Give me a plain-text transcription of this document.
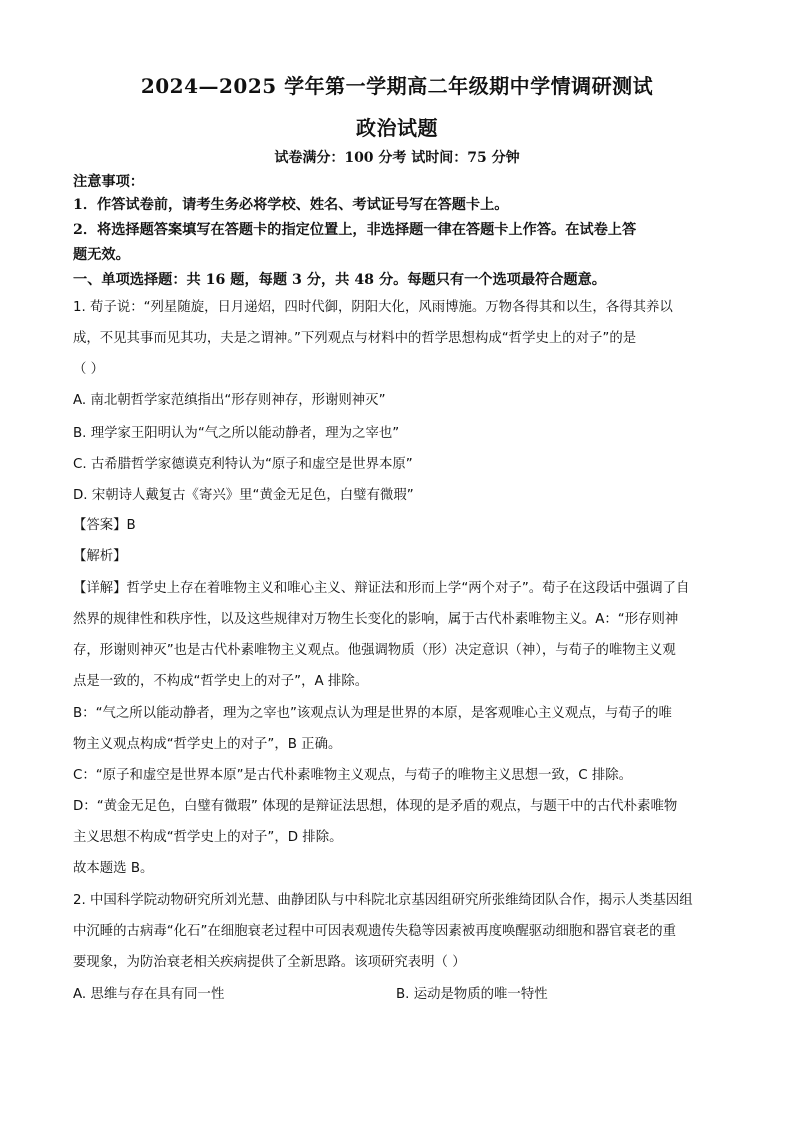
2024—2025 学年第一学期高二年级期中学情调研测试
政治试题
试卷满分：100 分考 试时间：75 分钟
注意事项：
1．作答试卷前，请考生务必将学校、姓名、考试证号写在答题卡上。
2．将选择题答案填写在答题卡的指定位置上，非选择题一律在答题卡上作答。在试卷上答
题无效。
一、单项选择题：共 16 题，每题 3 分，共 48 分。每题只有一个选项最符合题意。
1. 荀子说：“列星随旋，日月递炤，四时代御，阴阳大化，风雨博施。万物各得其和以生，各得其养以
成，不见其事而见其功，夫是之谓神。”下列观点与材料中的哲学思想构成“哲学史上的对子”的是
（ ）
A. 南北朝哲学家范缜指出“形存则神存，形谢则神灭”
B. 理学家王阳明认为“气之所以能动静者，理为之宰也”
C. 古希腊哲学家德谟克利特认为“原子和虚空是世界本原”
D. 宋朝诗人戴复古《寄兴》里“黄金无足色，白璧有微瑕”
【答案】B
【解析】
【详解】哲学史上存在着唯物主义和唯心主义、辩证法和形而上学“两个对子”。荀子在这段话中强调了自
然界的规律性和秩序性，以及这些规律对万物生长变化的影响，属于古代朴素唯物主义。A：“形存则神
存，形谢则神灭”也是古代朴素唯物主义观点。他强调物质（形）决定意识（神），与荀子的唯物主义观
点是一致的，不构成“哲学史上的对子”，A 排除。
B：“气之所以能动静者，理为之宰也”该观点认为理是世界的本原，是客观唯心主义观点，与荀子的唯
物主义观点构成“哲学史上的对子”，B 正确。
C：“原子和虚空是世界本原”是古代朴素唯物主义观点，与荀子的唯物主义思想一致，C 排除。
D：“黄金无足色，白璧有微瑕” 体现的是辩证法思想，体现的是矛盾的观点，与题干中的古代朴素唯物
主义思想不构成“哲学史上的对子”，D 排除。
故本题选 B。
2. 中国科学院动物研究所刘光慧、曲静团队与中科院北京基因组研究所张维绮团队合作，揭示人类基因组
中沉睡的古病毒“化石”在细胞衰老过程中可因表观遗传失稳等因素被再度唤醒驱动细胞和器官衰老的重
要现象，为防治衰老相关疾病提供了全新思路。该项研究表明（ ）
A. 思维与存在具有同一性	B. 运动是物质的唯一特性
